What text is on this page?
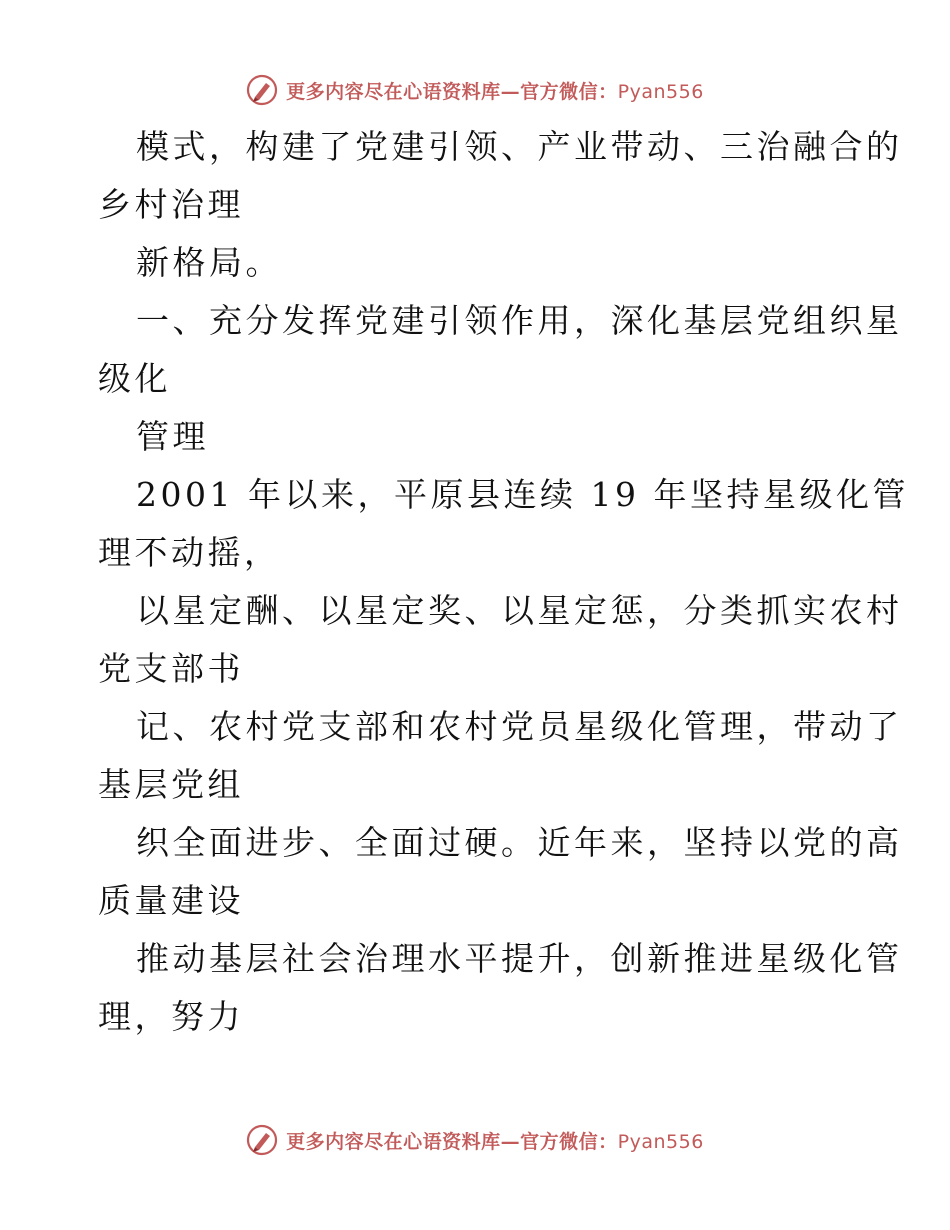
更多内容尽在心语资料库—官方微信：Pyan556
模式，构建了党建引领、产业带动、三治融合的
乡村治理
新格局。
一、充分发挥党建引领作用，深化基层党组织星
级化
管理
2001 年以来，平原县连续 19 年坚持星级化管
理不动摇，
以星定酬、以星定奖、以星定惩，分类抓实农村
党支部书
记、农村党支部和农村党员星级化管理，带动了
基层党组
织全面进步、全面过硬。近年来，坚持以党的高
质量建设
推动基层社会治理水平提升，创新推进星级化管
理，努力
更多内容尽在心语资料库—官方微信：Pyan556
